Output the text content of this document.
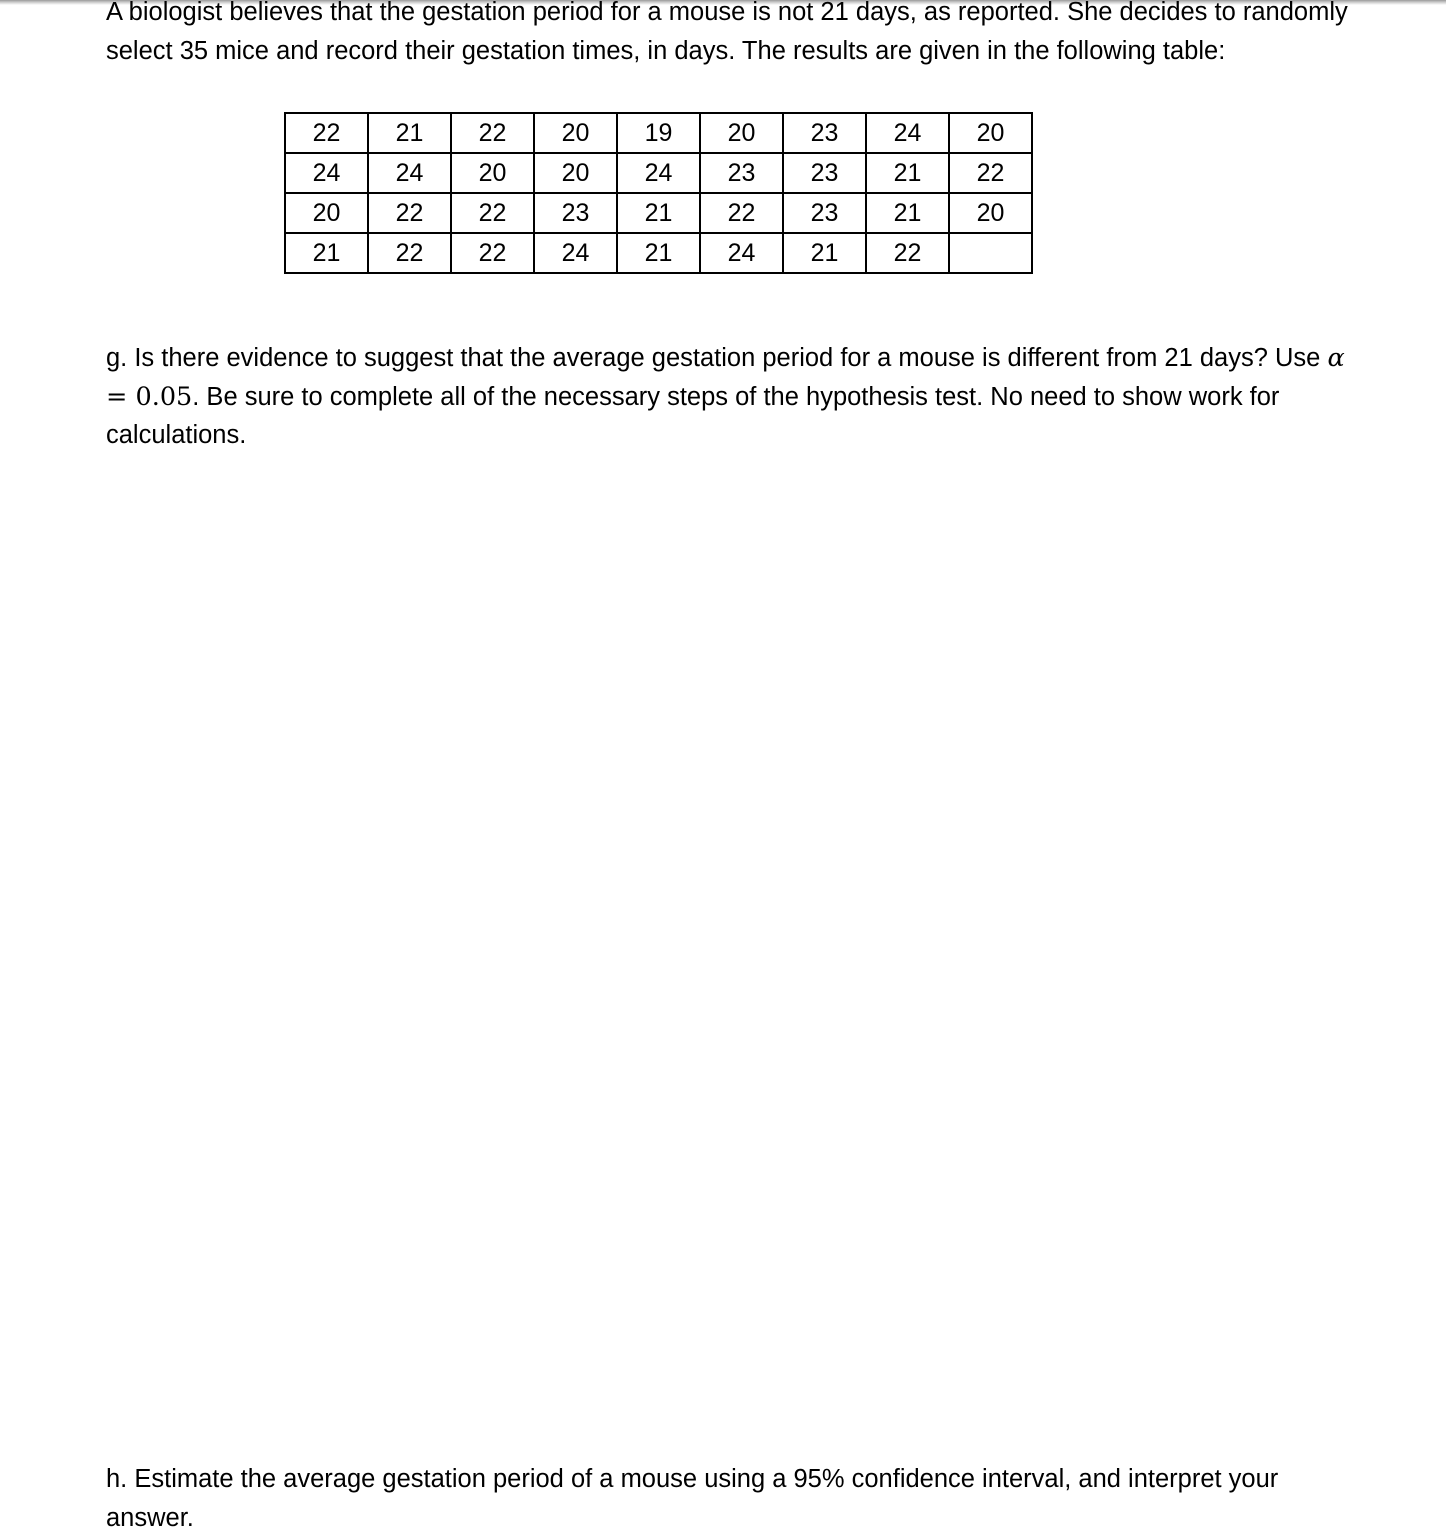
A biologist believes that the gestation period for a mouse is not 21 days, as reported. She decides to randomly select 35 mice and record their gestation times, in days. The results are given in the following table:

22	21	22	20	19	20	23	24	20
24	24	20	20	24	23	23	21	22
20	22	22	23	21	22	23	21	20
21	22	22	24	21	24	21	22	

g. Is there evidence to suggest that the average gestation period for a mouse is different from 21 days? Use α = 0.05. Be sure to complete all of the necessary steps of the hypothesis test. No need to show work for calculations.

h. Estimate the average gestation period of a mouse using a 95% confidence interval, and interpret your answer.
